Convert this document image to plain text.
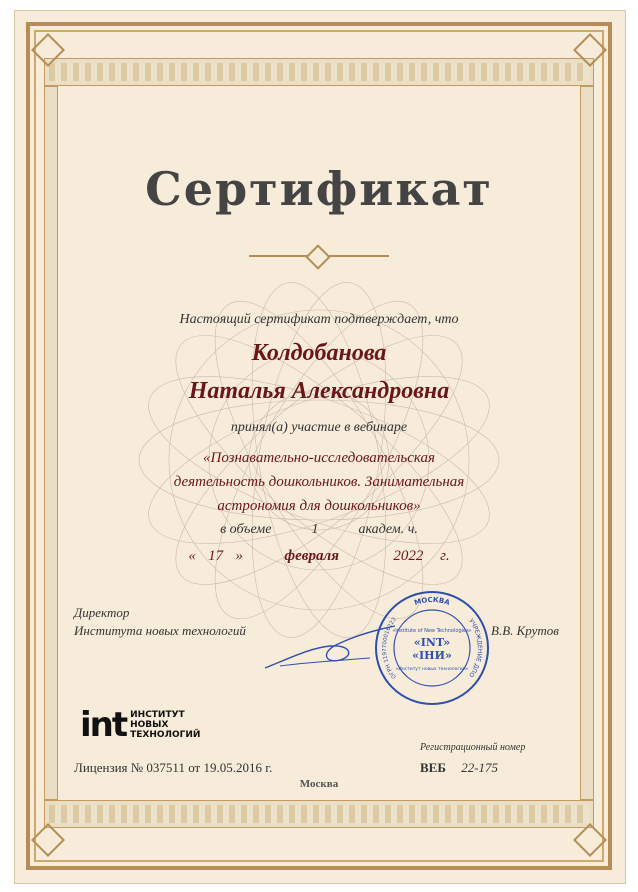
Сертификат
Настоящий сертификат подтверждает, что
Колдобанова
Наталья Александровна
принял(а) участие в вебинаре
«Познавательно-исследовательская
деятельность дошкольников. Занимательная
астрономия для дошкольников»
в объеме	1	академ. ч.
« 17 »	февраля	2022 г.
Директор
Института новых технологий
МОСКВА
УЧРЕЖДЕНИЕ ДПО
ОГРН 1197700016223
«Institute of New Technologies»
«INT»
«ІНИ»
«Институт новых технологий»
В.В. Крутов
int ИНСТИТУТ
НОВЫХ
ТЕХНОЛОГИЙ
Лицензия № 037511 от 19.05.2016 г.
Москва
Регистрационный номер
ВЕБ 22-175
